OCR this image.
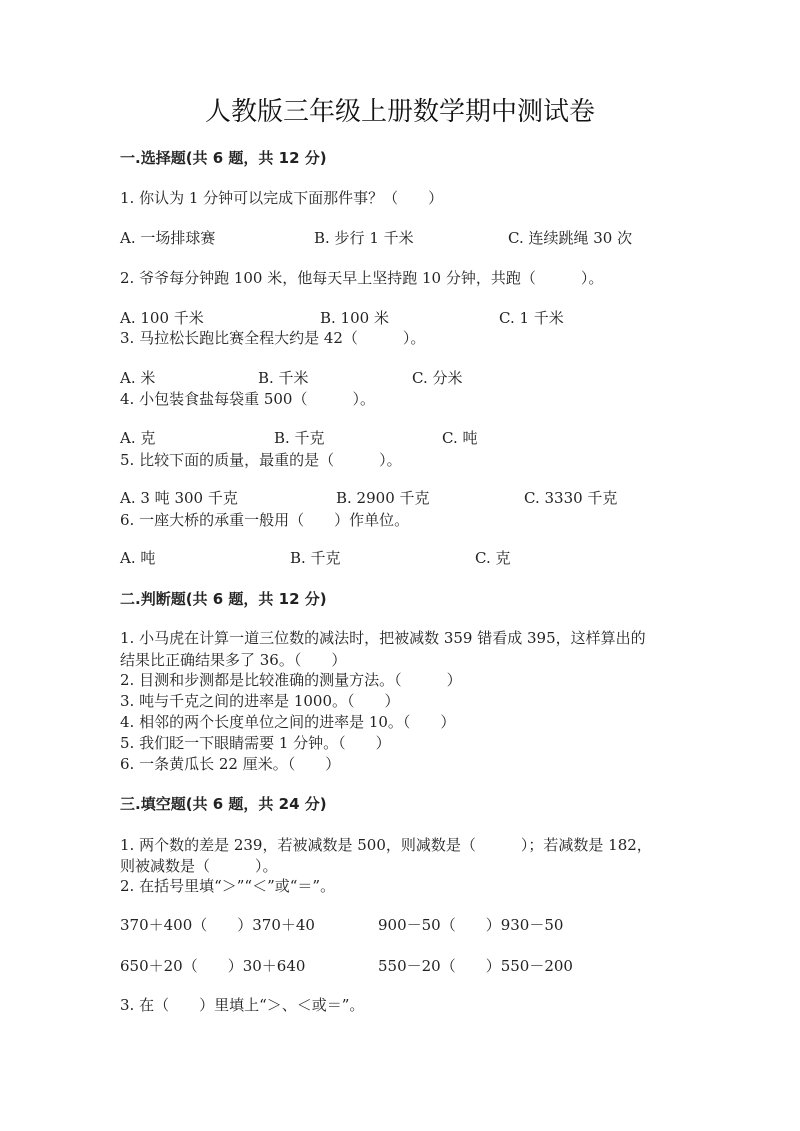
人教版三年级上册数学期中测试卷
一.选择题(共 6 题，共 12 分)
1. 你认为 1 分钟可以完成下面那件事？（　　）
A. 一场排球赛	B. 步行 1 千米	C. 连续跳绳 30 次
2. 爷爷每分钟跑 100 米，他每天早上坚持跑 10 分钟，共跑（　　　）。
A. 100 千米	B. 100 米	C. 1 千米
3. 马拉松长跑比赛全程大约是 42（　　　）。
A. 米	B. 千米	C. 分米
4. 小包装食盐每袋重 500（　　　）。
A. 克	B. 千克	C. 吨
5. 比较下面的质量，最重的是（　　　）。
A. 3 吨 300 千克	B. 2900 千克	C. 3330 千克
6. 一座大桥的承重一般用（　　）作单位。
A. 吨	B. 千克	C. 克
二.判断题(共 6 题，共 12 分)
1. 小马虎在计算一道三位数的减法时，把被减数 359 错看成 395，这样算出的
结果比正确结果多了 36。（　　）
2. 目测和步测都是比较准确的测量方法。（　　　）
3. 吨与千克之间的进率是 1000。（　　）
4. 相邻的两个长度单位之间的进率是 10。（　　）
5. 我们眨一下眼睛需要 1 分钟。（　　）
6. 一条黄瓜长 22 厘米。（　　）
三.填空题(共 6 题，共 24 分)
1. 两个数的差是 239，若被减数是 500，则减数是（　　　）；若减数是 182，
则被减数是（　　　）。
2. 在括号里填“＞”“＜”或“＝”。
370＋400（　　）370＋40	900－50（　　）930－50
650＋20（　　）30＋640	550－20（　　）550－200
3. 在（　　）里填上“＞、＜或＝”。
